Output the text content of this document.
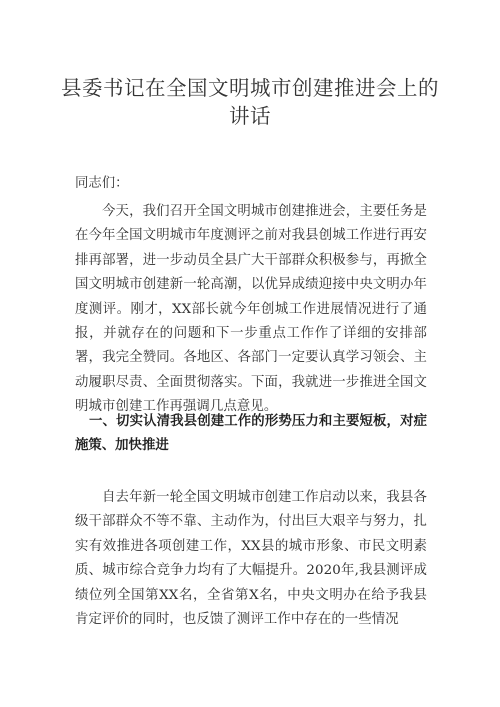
县委书记在全国文明城市创建推进会上的讲话
同志们：
今天，我们召开全国文明城市创建推进会，主要任务是在今年全国文明城市年度测评之前对我县创城工作进行再安排再部署，进一步动员全县广大干部群众积极参与，再掀全国文明城市创建新一轮高潮，以优异成绩迎接中央文明办年度测评。刚才，XX部长就今年创城工作进展情况进行了通报，并就存在的问题和下一步重点工作作了详细的安排部署，我完全赞同。各地区、各部门一定要认真学习领会、主动履职尽责、全面贯彻落实。下面，我就进一步推进全国文明城市创建工作再强调几点意见。
一、切实认清我县创建工作的形势压力和主要短板，对症施策、加快推进
自去年新一轮全国文明城市创建工作启动以来，我县各级干部群众不等不靠、主动作为，付出巨大艰辛与努力，扎实有效推进各项创建工作，XX县的城市形象、市民文明素质、城市综合竞争力均有了大幅提升。2020年,我县测评成绩位列全国第XX名，全省第X名，中央文明办在给予我县肯定评价的同时，也反馈了测评工作中存在的一些情况
